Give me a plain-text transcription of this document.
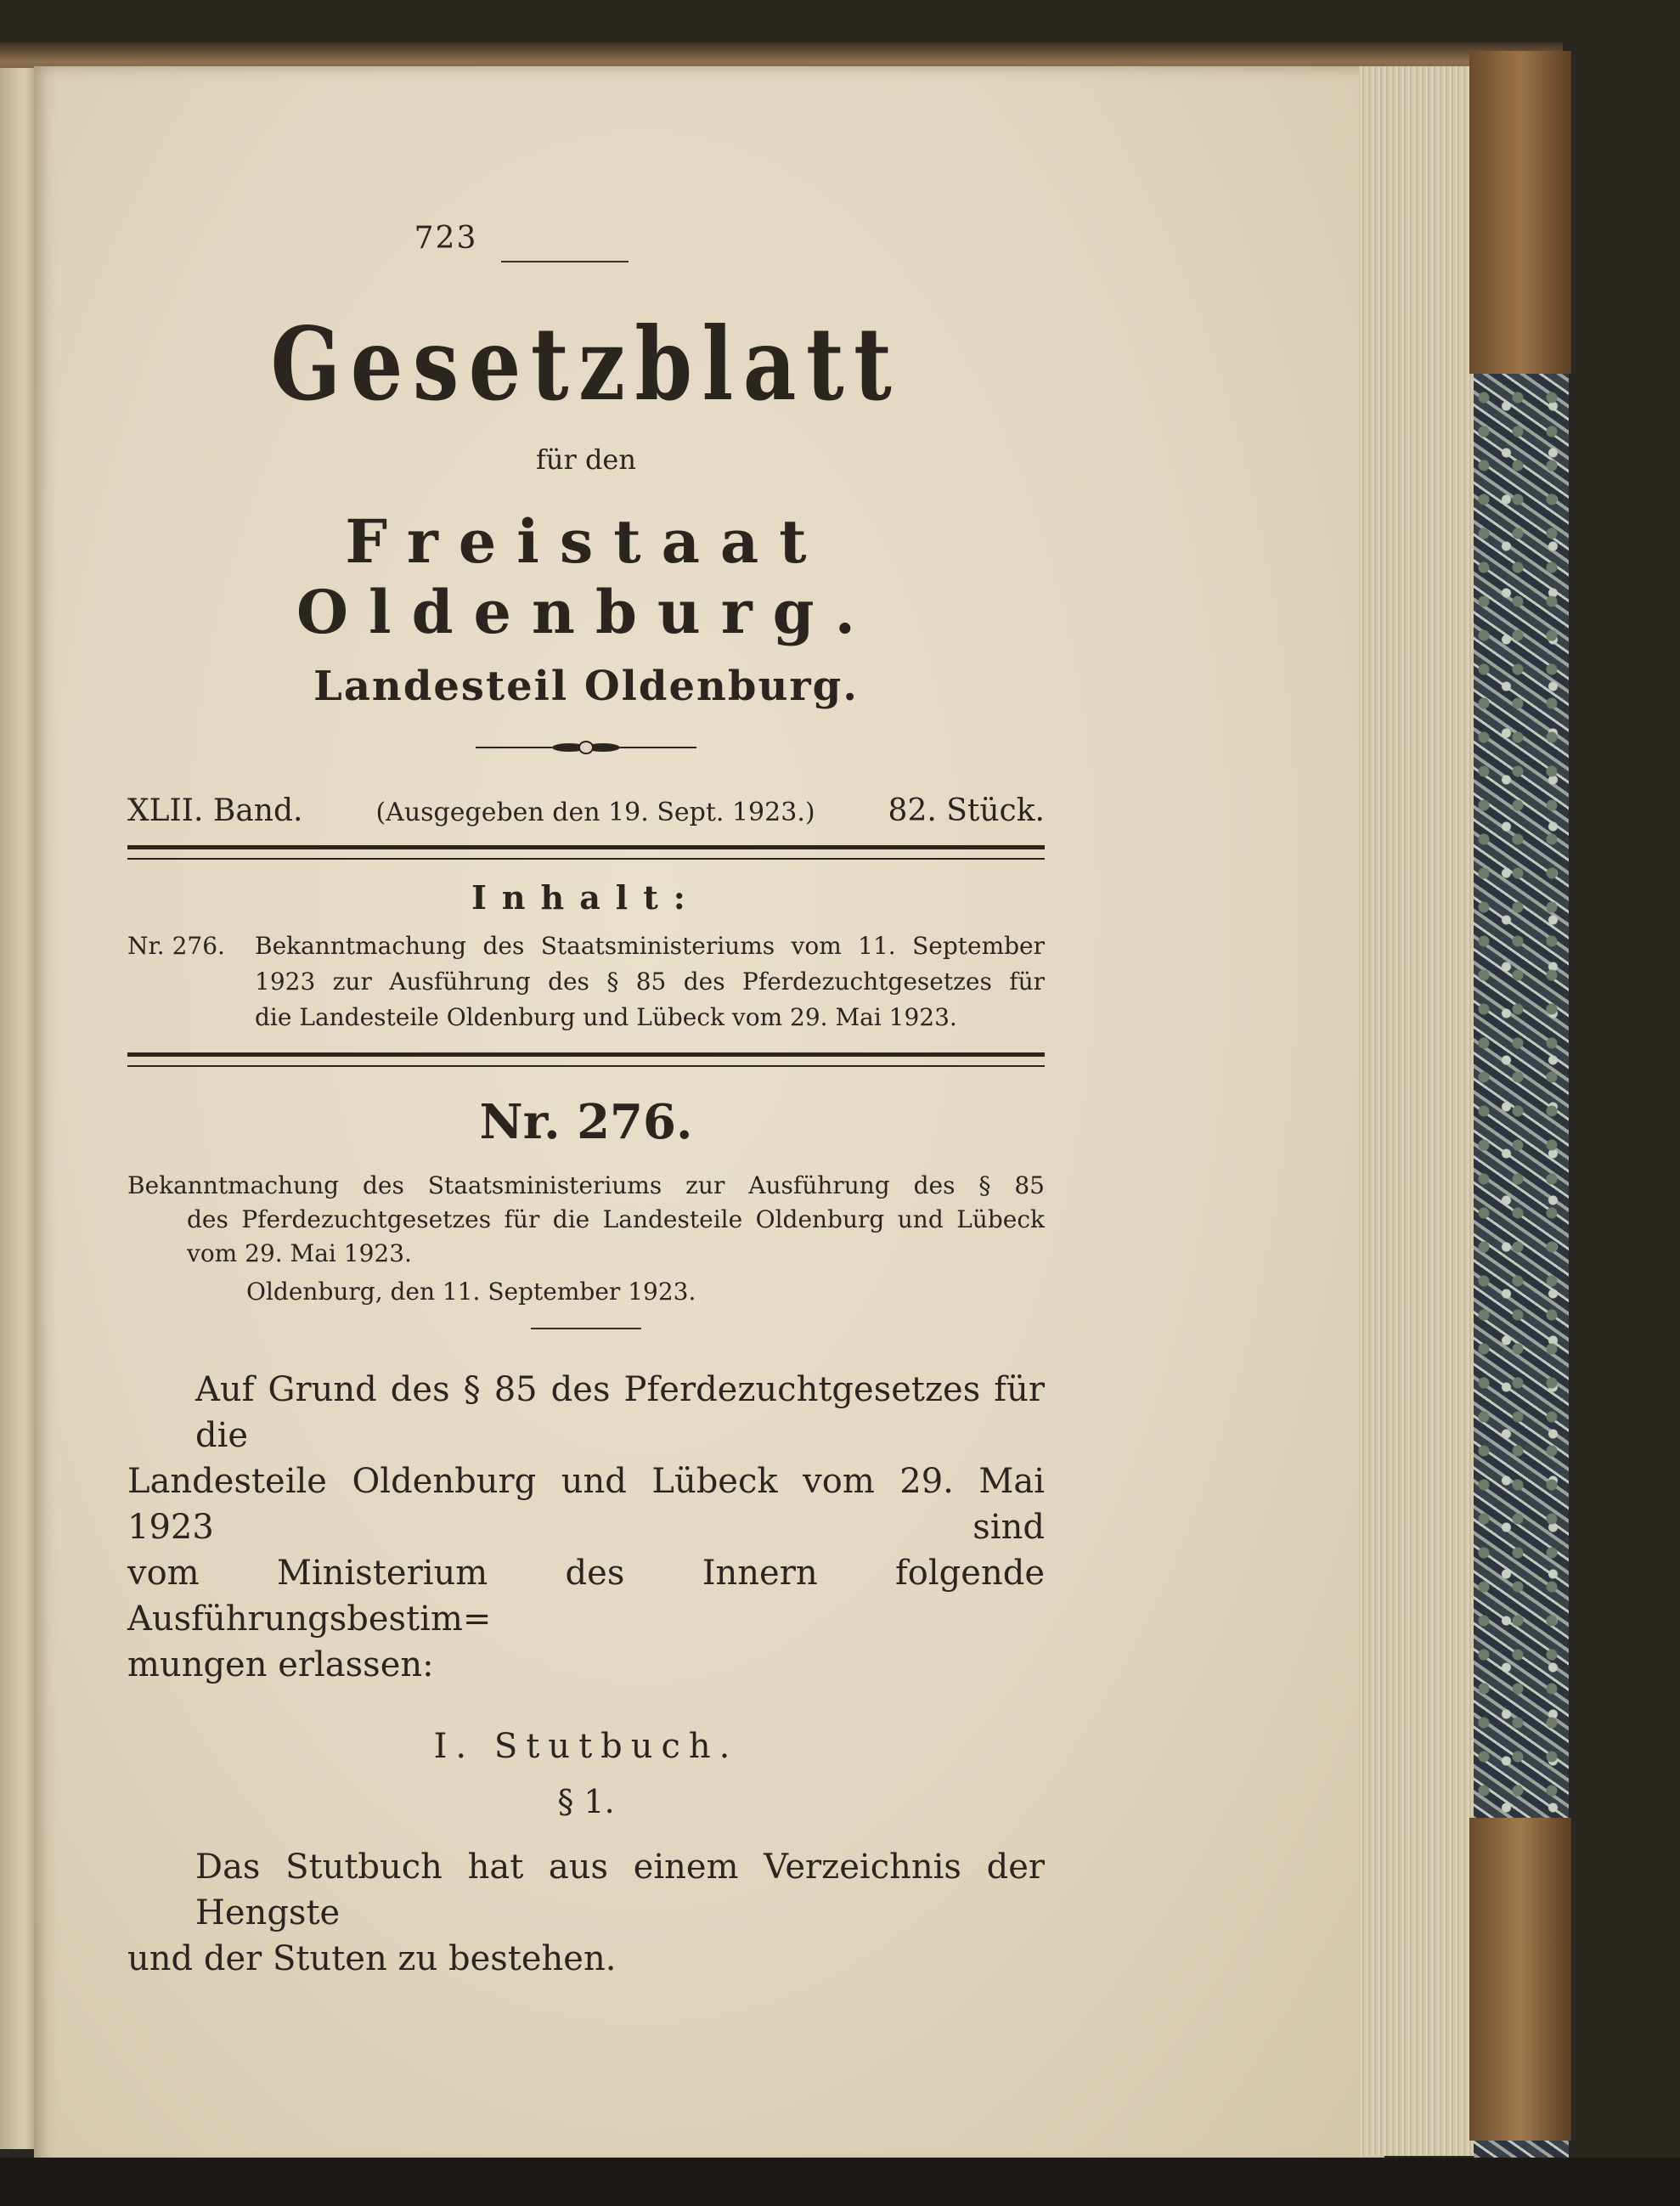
723
Gesetzblatt
für den
Freistaat Oldenburg.
Landesteil Oldenburg.
XLII. Band.	(Ausgegeben den 19. Sept. 1923.) 82. Stück.
Inhalt:
Nr. 276.	Bekanntmachung des Staatsministeriums vom 11. September
1923 zur Ausführung des § 85 des Pferdezuchtgesetzes für
die Landesteile Oldenburg und Lübeck vom 29. Mai 1923.
Nr. 276.
Bekanntmachung des Staatsministeriums zur Ausführung des § 85
des Pferdezuchtgesetzes für die Landesteile Oldenburg und Lübeck
vom 29. Mai 1923.
Oldenburg, den 11. September 1923.
Auf Grund des § 85 des Pferdezuchtgesetzes für die
Landesteile Oldenburg und Lübeck vom 29. Mai 1923 sind
vom Ministerium des Innern folgende Ausführungsbestim=
mungen erlassen:
I. Stutbuch.
§ 1.
Das Stutbuch hat aus einem Verzeichnis der Hengste
und der Stuten zu bestehen.
